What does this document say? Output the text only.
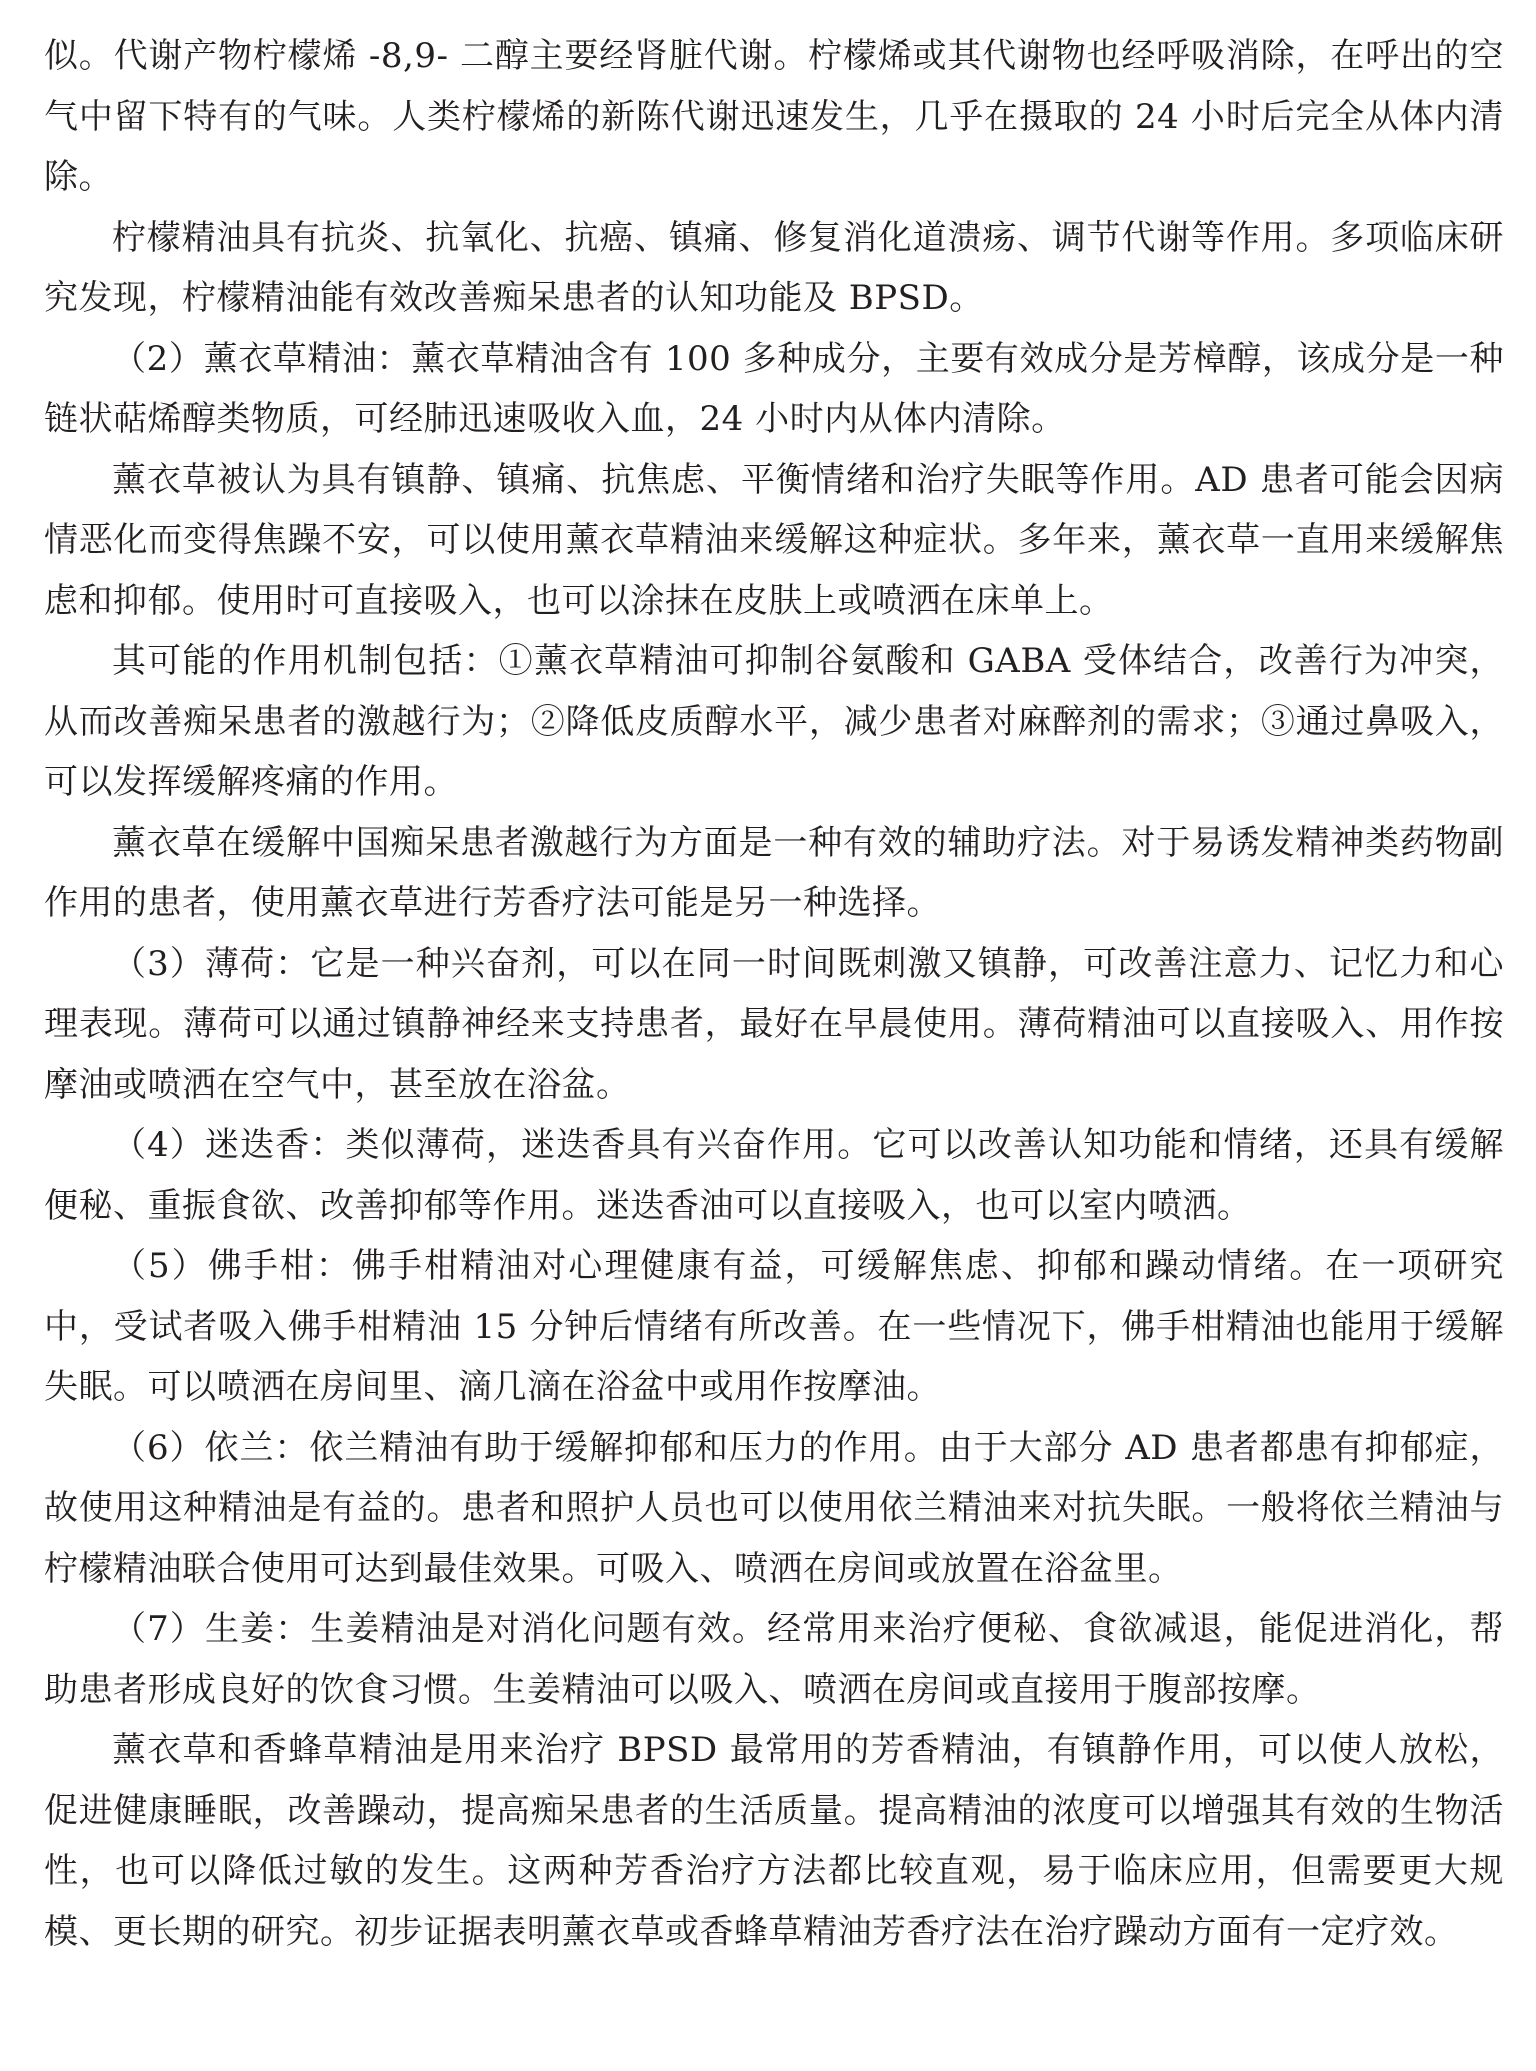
似。代谢产物柠檬烯 -8,9- 二醇主要经肾脏代谢。柠檬烯或其代谢物也经呼吸消除，在呼出的空气中留下特有的气味。人类柠檬烯的新陈代谢迅速发生，几乎在摄取的 24 小时后完全从体内清除。

柠檬精油具有抗炎、抗氧化、抗癌、镇痛、修复消化道溃疡、调节代谢等作用。多项临床研究发现，柠檬精油能有效改善痴呆患者的认知功能及 BPSD。

（2）薰衣草精油：薰衣草精油含有 100 多种成分，主要有效成分是芳樟醇，该成分是一种链状萜烯醇类物质，可经肺迅速吸收入血，24 小时内从体内清除。

薰衣草被认为具有镇静、镇痛、抗焦虑、平衡情绪和治疗失眠等作用。AD 患者可能会因病情恶化而变得焦躁不安，可以使用薰衣草精油来缓解这种症状。多年来，薰衣草一直用来缓解焦虑和抑郁。使用时可直接吸入，也可以涂抹在皮肤上或喷洒在床单上。

其可能的作用机制包括：①薰衣草精油可抑制谷氨酸和 GABA 受体结合，改善行为冲突，从而改善痴呆患者的激越行为；②降低皮质醇水平，减少患者对麻醉剂的需求；③通过鼻吸入，可以发挥缓解疼痛的作用。

薰衣草在缓解中国痴呆患者激越行为方面是一种有效的辅助疗法。对于易诱发精神类药物副作用的患者，使用薰衣草进行芳香疗法可能是另一种选择。

（3）薄荷：它是一种兴奋剂，可以在同一时间既刺激又镇静，可改善注意力、记忆力和心理表现。薄荷可以通过镇静神经来支持患者，最好在早晨使用。薄荷精油可以直接吸入、用作按摩油或喷洒在空气中，甚至放在浴盆。

（4）迷迭香：类似薄荷，迷迭香具有兴奋作用。它可以改善认知功能和情绪，还具有缓解便秘、重振食欲、改善抑郁等作用。迷迭香油可以直接吸入，也可以室内喷洒。

（5）佛手柑：佛手柑精油对心理健康有益，可缓解焦虑、抑郁和躁动情绪。在一项研究中，受试者吸入佛手柑精油 15 分钟后情绪有所改善。在一些情况下，佛手柑精油也能用于缓解失眠。可以喷洒在房间里、滴几滴在浴盆中或用作按摩油。

（6）依兰：依兰精油有助于缓解抑郁和压力的作用。由于大部分 AD 患者都患有抑郁症，故使用这种精油是有益的。患者和照护人员也可以使用依兰精油来对抗失眠。一般将依兰精油与柠檬精油联合使用可达到最佳效果。可吸入、喷洒在房间或放置在浴盆里。

（7）生姜：生姜精油是对消化问题有效。经常用来治疗便秘、食欲减退，能促进消化，帮助患者形成良好的饮食习惯。生姜精油可以吸入、喷洒在房间或直接用于腹部按摩。

薰衣草和香蜂草精油是用来治疗 BPSD 最常用的芳香精油，有镇静作用，可以使人放松，促进健康睡眠，改善躁动，提高痴呆患者的生活质量。提高精油的浓度可以增强其有效的生物活性，也可以降低过敏的发生。这两种芳香治疗方法都比较直观，易于临床应用，但需要更大规模、更长期的研究。初步证据表明薰衣草或香蜂草精油芳香疗法在治疗躁动方面有一定疗效。
